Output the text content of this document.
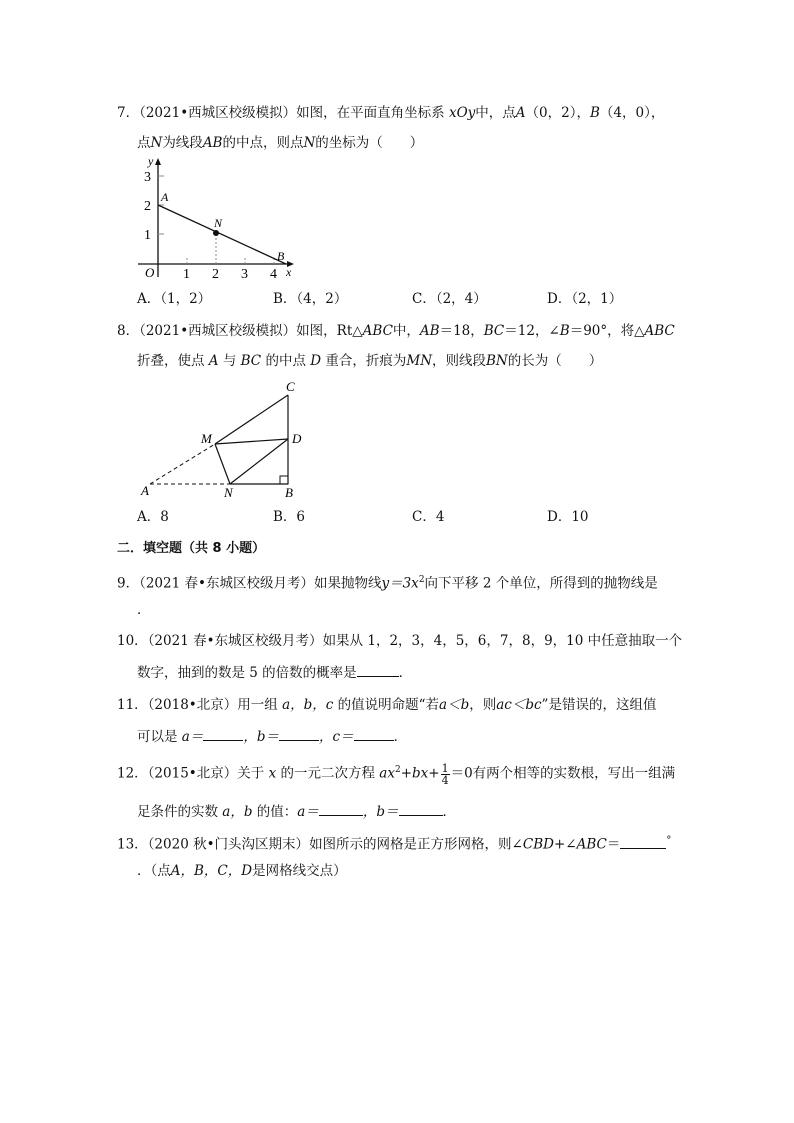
7．（2021•西城区校级模拟）如图，在平面直角坐标系 xOy中，点A（0，2），B（4，0），
点N为线段AB的中点，则点N的坐标为（　　）
y
x
O
1
2
3
1 2 3 4
A
N
B
A．（1，2）	B．（4，2）	C．（2，4）	D．（2，1）
8．（2021•西城区校级模拟）如图，Rt△ABC中，AB＝18，BC＝12，∠B＝90°，将△ABC
折叠，使点 A 与 BC 的中点 D 重合，折痕为MN，则线段BN的长为（　　）
A	N	B
D
C
M
A．8	B．6	C．4	D．10
二．填空题（共 8 小题）
9．（2021 春•东城区校级月考）如果抛物线$y=3x^2$向下平移 2 个单位，所得到的抛物线是
．
10．（2021 春•东城区校级月考）如果从 1，2，3，4，5，6，7，8，9，10 中任意抽取一个
数字，抽到的数是 5 的倍数的概率是	．
11．（2018•北京）用一组 a，b，c 的值说明命题“若a＜b，则ac＜bc”是错误的，这组值
可以是 a＝	，b＝	，c＝	．
12．（2015•北京）关于 x 的一元二次方程 $ax^2+bx+ \frac{1}{4} =0$有两个相等的实数根，写出一组满
足条件的实数 a，b 的值：a＝	，b＝	．
13．（2020 秋•门头沟区期末）如图所示的网格是正方形网格，则∠CBD+∠ABC＝	°
．（点A，B，C，D是网格线交点）
